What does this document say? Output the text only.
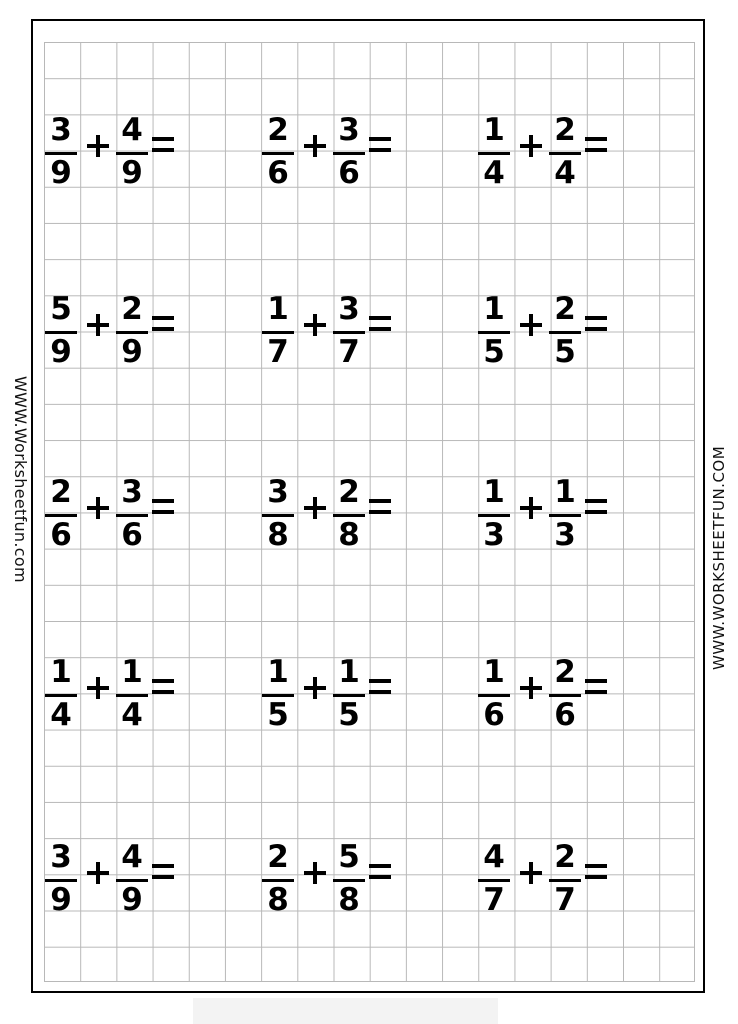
WWW.Worksheetfun.com	WWW.WORKSHEETFUN.COM
3
9
4
9
2
6
3
6
1
4
2
4
5
9
2
9
1
7
3
7
1
5
2
5
2
6
3
6
3
8
2
8
1
3
1
3
1
4
1
4
1
5
1
5
1
6
2
6
3
9
4
9
2
8
5
8
4
7
2
7
